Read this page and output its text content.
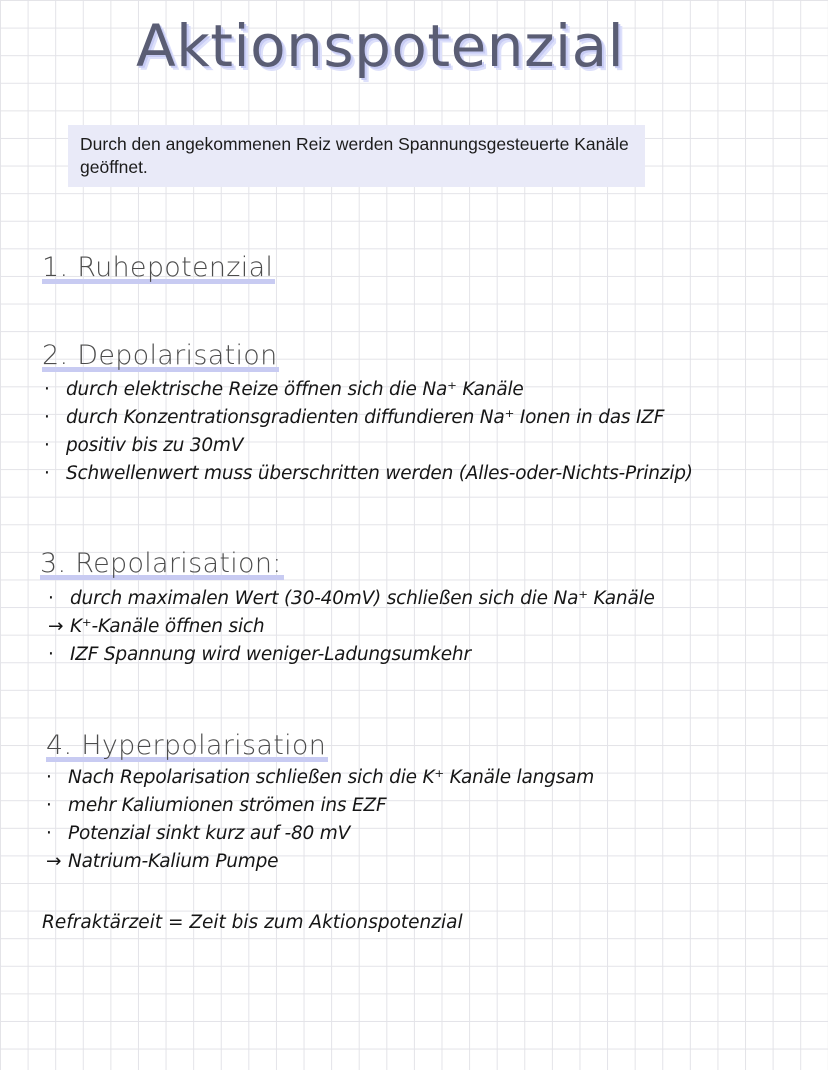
Aktionspotenzial

Durch den angekommenen Reiz werden Spannungsgesteuerte Kanäle geöffnet.

1. Ruhepotenzial
2. Depolarisation
· durch elektrische Reize öffnen sich die Na⁺ Kanäle
· durch Konzentrationsgradienten diffundieren Na⁺ Ionen in das IZF
· positiv bis zu 30mV
· Schwellenwert muss überschritten werden (Alles-oder-Nichts-Prinzip)
3. Repolarisation:
· durch maximalen Wert (30-40mV) schließen sich die Na⁺ Kanäle
→ K⁺-Kanäle öffnen sich
· IZF Spannung wird weniger-Ladungsumkehr
4. Hyperpolarisation
· Nach Repolarisation schließen sich die K⁺ Kanäle langsam
· mehr Kaliumionen strömen ins EZF
· Potenzial sinkt kurz auf -80 mV
→ Natrium-Kalium Pumpe

Refraktärzeit = Zeit bis zum Aktionspotenzial
